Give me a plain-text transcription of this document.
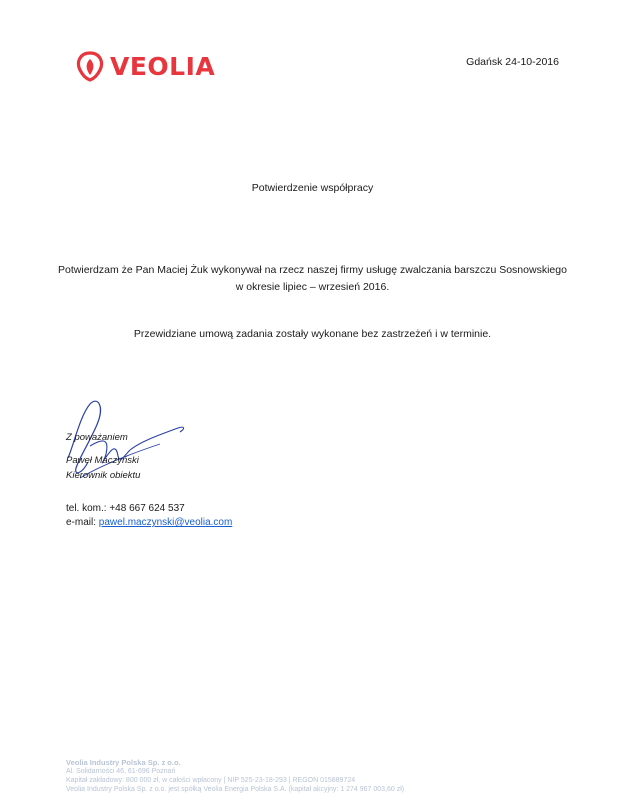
VEOLIA	Gdańsk 24-10-2016
Potwierdzenie współpracy
Potwierdzam że Pan Maciej Żuk wykonywał na rzecz naszej firmy usługę zwalczania barszczu Sosnowskiego
w okresie lipiec – wrzesień 2016.
Przewidziane umową zadania zostały wykonane bez zastrzeżeń i w terminie.
Z poważaniem
Paweł Maczyński
Kierownik obiektu
tel. kom.: +48 667 624 537
e-mail: pawel.maczynski@veolia.com
Veolia Industry Polska Sp. z o.o.
Al. Solidarności 46, 61-696 Poznań
Kapitał zakładowy: 800 000 zł, w całości wpłacony | NIP 525-23-18-293 | REGON 015889724
Veolia Industry Polska Sp. z o.o. jest spółką Veolia Energia Polska S.A. (kapitał akcyjny: 1 274 967 003,60 zł)
